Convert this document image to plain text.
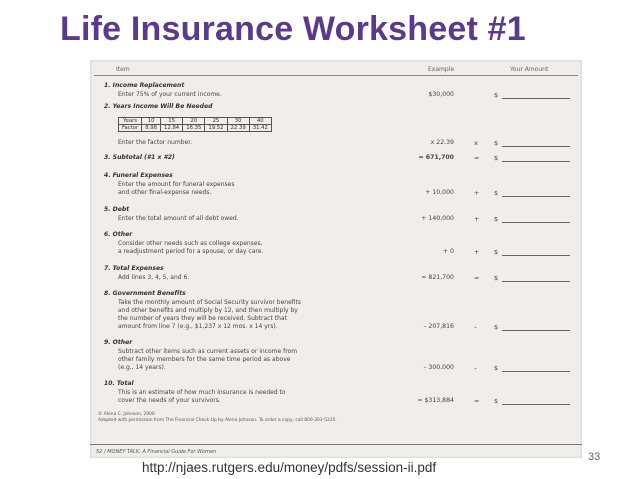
Life Insurance Worksheet #1
Item	Example	Your Amount
1. Income Replacement
Enter 75% of your current income.	$30,000	$
2. Years Income Will Be Needed
Years	10	15	20	25	30	40
Factor	8.98	12.84	16.35	19.52	22.39	31.42
Enter the factor number.	x 22.39	x	$
3. Subtotal (#1 x #2)	= 671,700	= $
4. Funeral Expenses
Enter the amount for funeral expenses
and other final-expense needs.	+ 10,000	+ $
5. Debt
Enter the total amount of all debt owed.	+ 140,000	+ $
6. Other
Consider other needs such as college expenses,
a readjustment period for a spouse, or day care.	+ 0	+ $
7. Total Expenses
Add lines 3, 4, 5, and 6.	= 821,700	= $
8. Government Benefits
Take the monthly amount of Social Security survivor benefits
and other benefits and multiply by 12, and then multiply by
the number of years they will be received. Subtract that
amount from line 7 (e.g., $1,237 x 12 mos. x 14 yrs).	– 207,816	–	$
9. Other
Subtract other items such as current assets or income from
other family members for the same time period as above
(e.g., 14 years).	– 300,000	–	$
10. Total
This is an estimate of how much insurance is needed to
cover the needs of your survivors.	= $313,884	= $
© Alena C. Johnson, 2000
Adapted with permission from The Financial Check-Up by Alena Johnson. To order a copy, call 800-303-5235.
52 / MONEY TALK: A Financial Guide For Women
http://njaes.rutgers.edu/money/pdfs/session-ii.pdf
33
